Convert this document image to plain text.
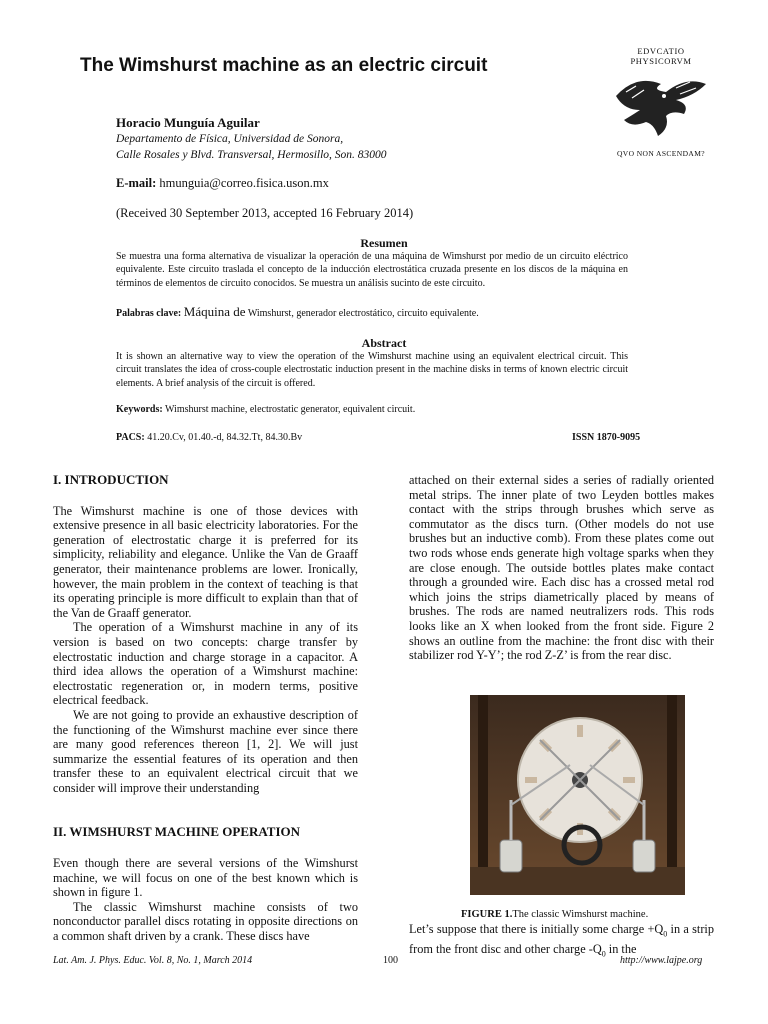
The Wimshurst machine as an electric circuit
Horacio Munguía Aguilar
Departamento de Física, Universidad de Sonora,
Calle Rosales y Blvd. Transversal, Hermosillo, Son. 83000
E-mail: hmunguia@correo.fisica.uson.mx
(Received 30 September 2013, accepted 16 February 2014)
EDVCATIO PHYSICORVM
QVO NON ASCENDAM?
Resumen
Se muestra una forma alternativa de visualizar la operación de una máquina de Wimshurst por medio de un circuito eléctrico equivalente. Este circuito traslada el concepto de la inducción electrostática cruzada presente en los discos de la máquina en términos de elementos de circuito conocidos. Se muestra un análisis sucinto de este circuito.
Palabras clave: Máquina de Wimshurst, generador electrostático, circuito equivalente.
Abstract
It is shown an alternative way to view the operation of the Wimshurst machine using an equivalent electrical circuit. This circuit translates the idea of cross-couple electrostatic induction present in the machine disks in terms of known electric circuit elements. A brief analysis of the circuit is offered.
Keywords: Wimshurst machine, electrostatic generator, equivalent circuit.
PACS: 41.20.Cv, 01.40.-d, 84.32.Tt, 84.30.Bv	ISSN 1870-9095

I. INTRODUCTION

The Wimshurst machine is one of those devices with extensive presence in all basic electricity laboratories. For the generation of electrostatic charge it is preferred for its simplicity, reliability and elegance. Unlike the Van de Graaff generator, their maintenance problems are lower. Ironically, however, the main problem in the context of teaching is that its operating principle is more difficult to explain than that of the Van de Graaff generator.

The operation of a Wimshurst machine in any of its version is based on two concepts: charge transfer by electrostatic induction and charge storage in a capacitor. A third idea allows the operation of a Wimshurst machine: electrostatic regeneration or, in modern terms, positive electrical feedback.

We are not going to provide an exhaustive description of the functioning of the Wimshurst machine ever since there are many good references thereon [1, 2]. We will just summarize the essential features of its operation and then transfer these to an equivalent electrical circuit that we consider will improve their understanding

II. WIMSHURST MACHINE OPERATION

Even though there are several versions of the Wimshurst machine, we will focus on one of the best known which is shown in figure 1.

The classic Wimshurst machine consists of two nonconductor parallel discs rotating in opposite directions on a common shaft driven by a crank. These discs have

attached on their external sides a series of radially oriented metal strips. The inner plate of two Leyden bottles makes contact with the strips through brushes which serve as commutator as the discs turn. (Other models do not use brushes but an inductive comb). From these plates come out two rods whose ends generate high voltage sparks when they are close enough. The outside bottles plates make contact through a grounded wire. Each disc has a crossed metal rod which joins the strips diametrically placed by means of brushes. The rods are named neutralizers rods. This rods looks like an X when looked from the front side. Figure 2 shows an outline from the machine: the front disc with their stabilizer rod Y-Y’; the rod Z-Z’ is from the rear disc.

FIGURE 1.The classic Wimshurst machine.

Let’s suppose that there is initially some charge $+Q_0$ in a strip from the front disc and other charge $-Q_0$ in the

Lat. Am. J. Phys. Educ. Vol. 8, No. 1, March 2014	100	http://www.lajpe.org
